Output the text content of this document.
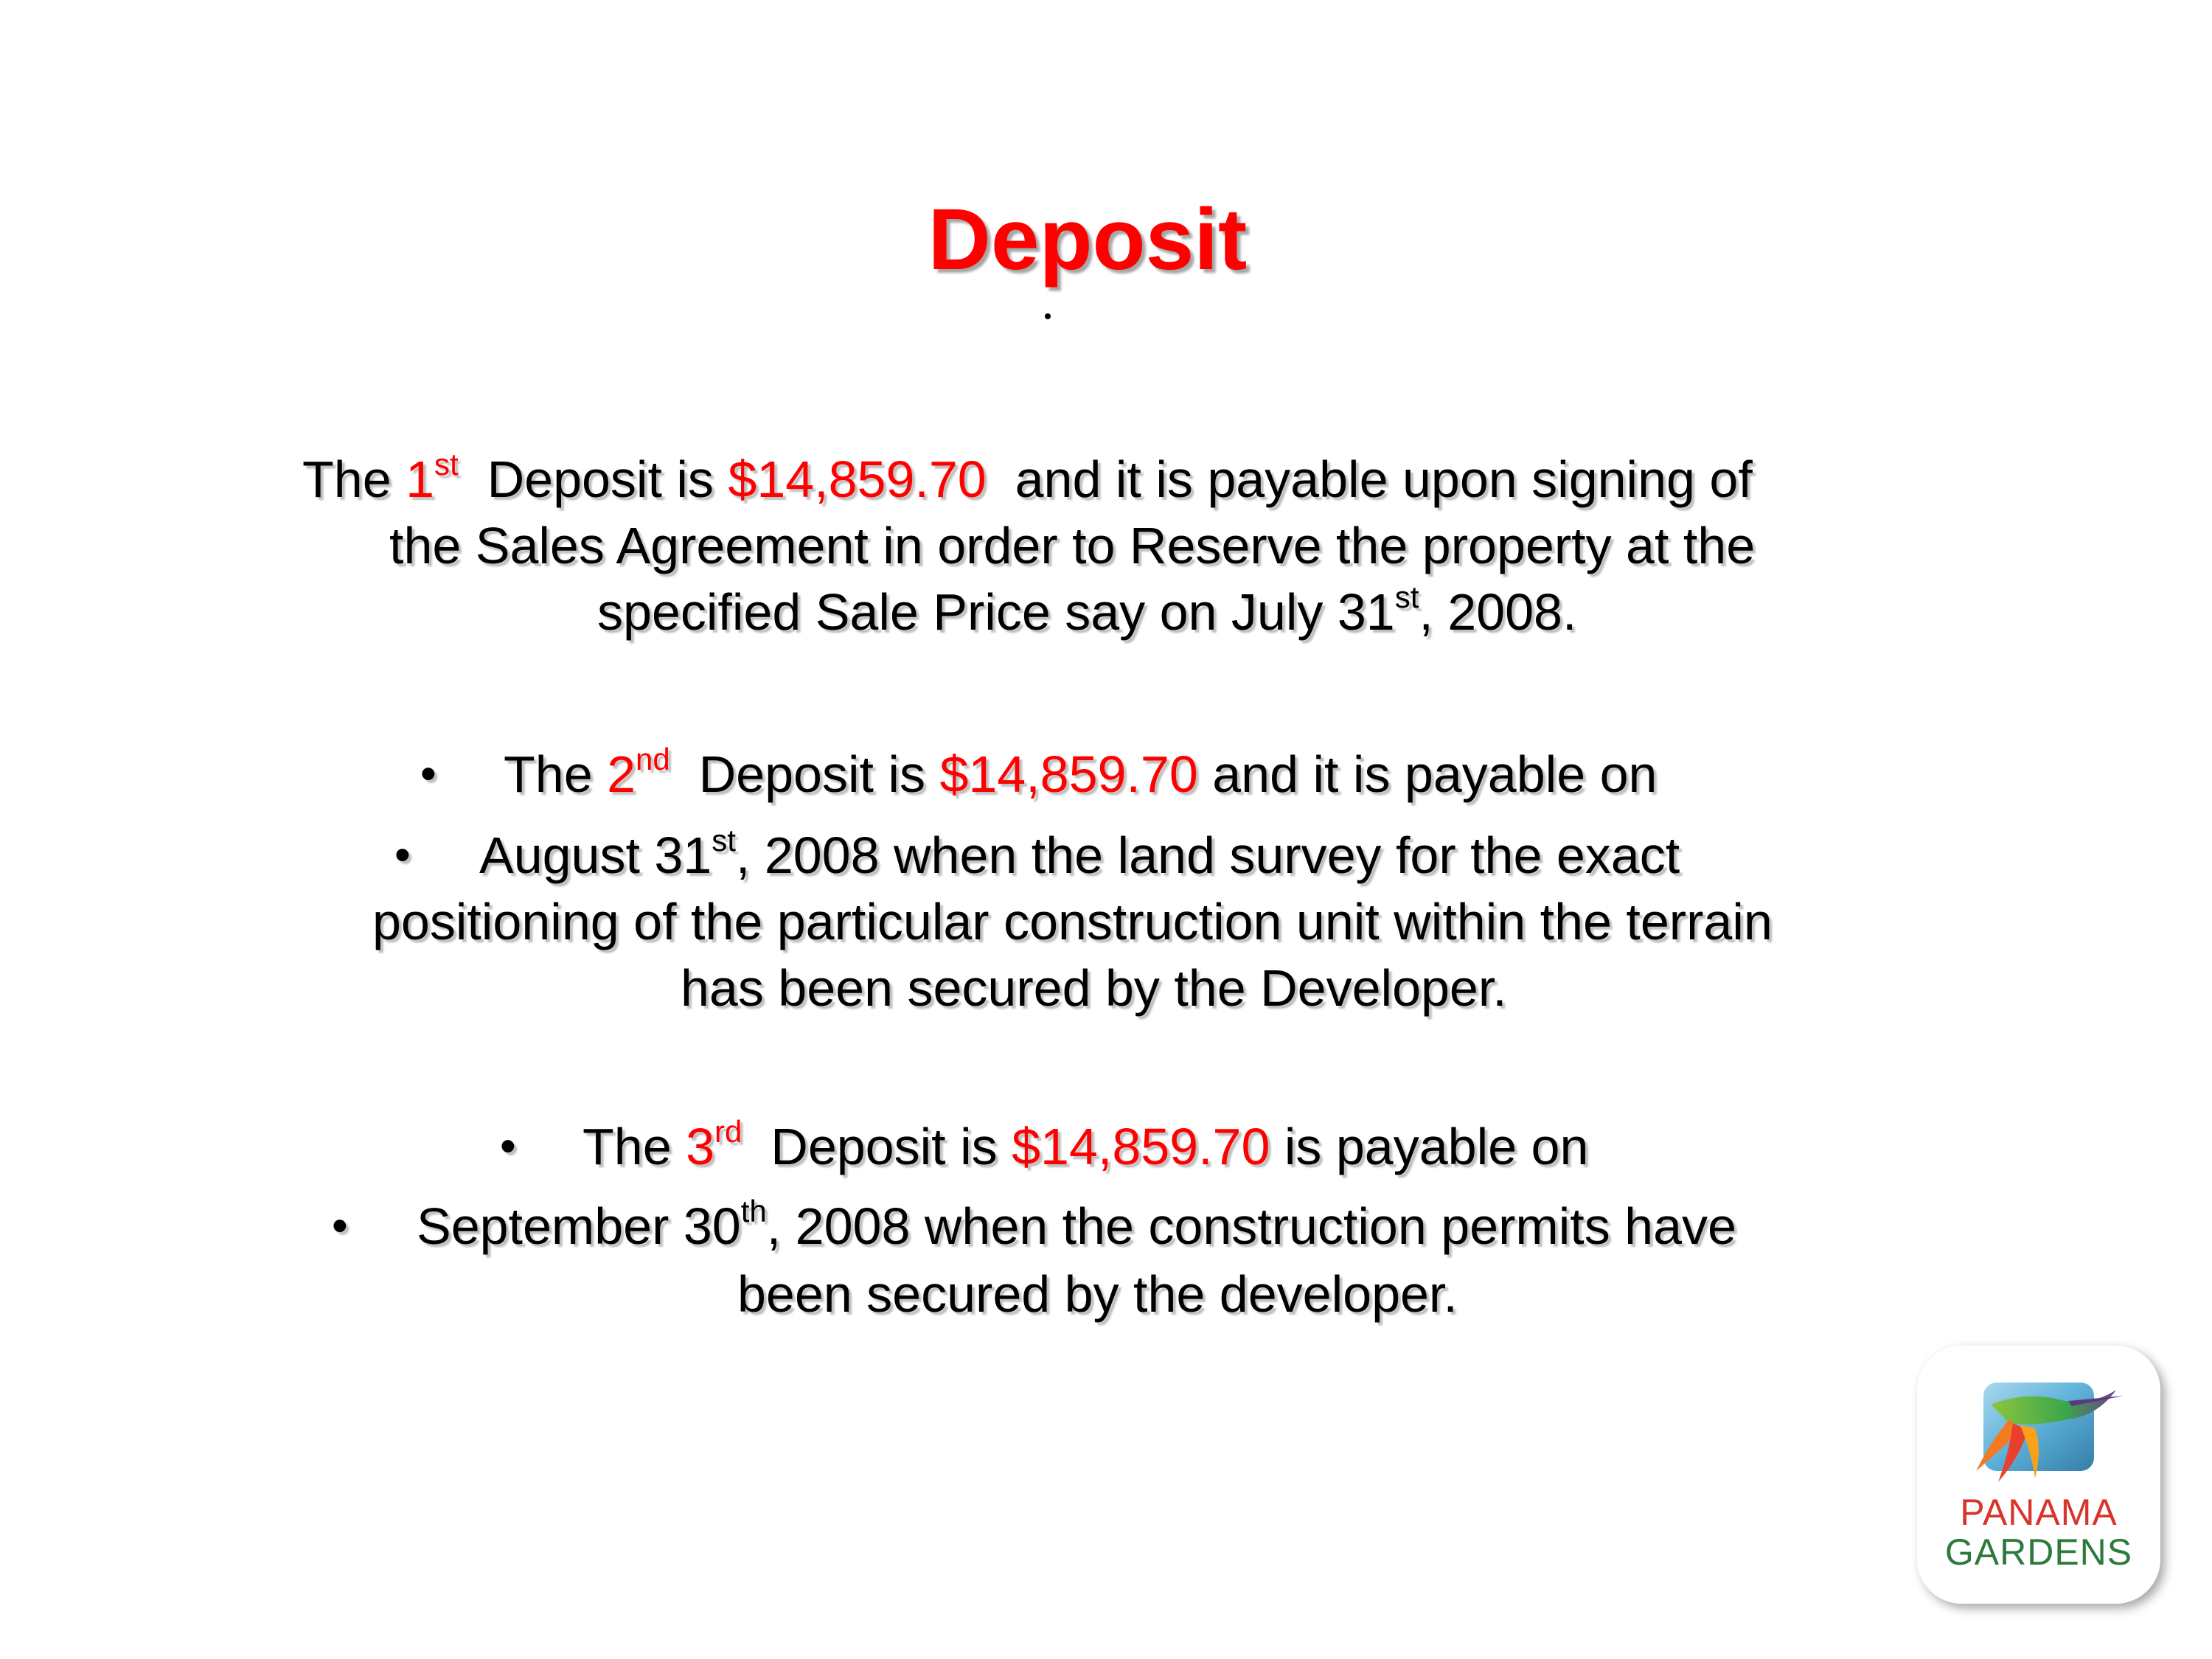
Deposit
The 1st  Deposit is $14,859.70  and it is payable upon signing of
the Sales Agreement in order to Reserve the property at the
specified Sale Price say on July 31st, 2008.
• The 2nd  Deposit is $14,859.70 and it is payable on
• August 31st, 2008 when the land survey for the exact
positioning of the particular construction unit within the terrain
has been secured by the Developer.
• The 3rd  Deposit is $14,859.70 is payable on
• September 30th, 2008 when the construction permits have
been secured by the developer.
PANAMA
GARDENS
